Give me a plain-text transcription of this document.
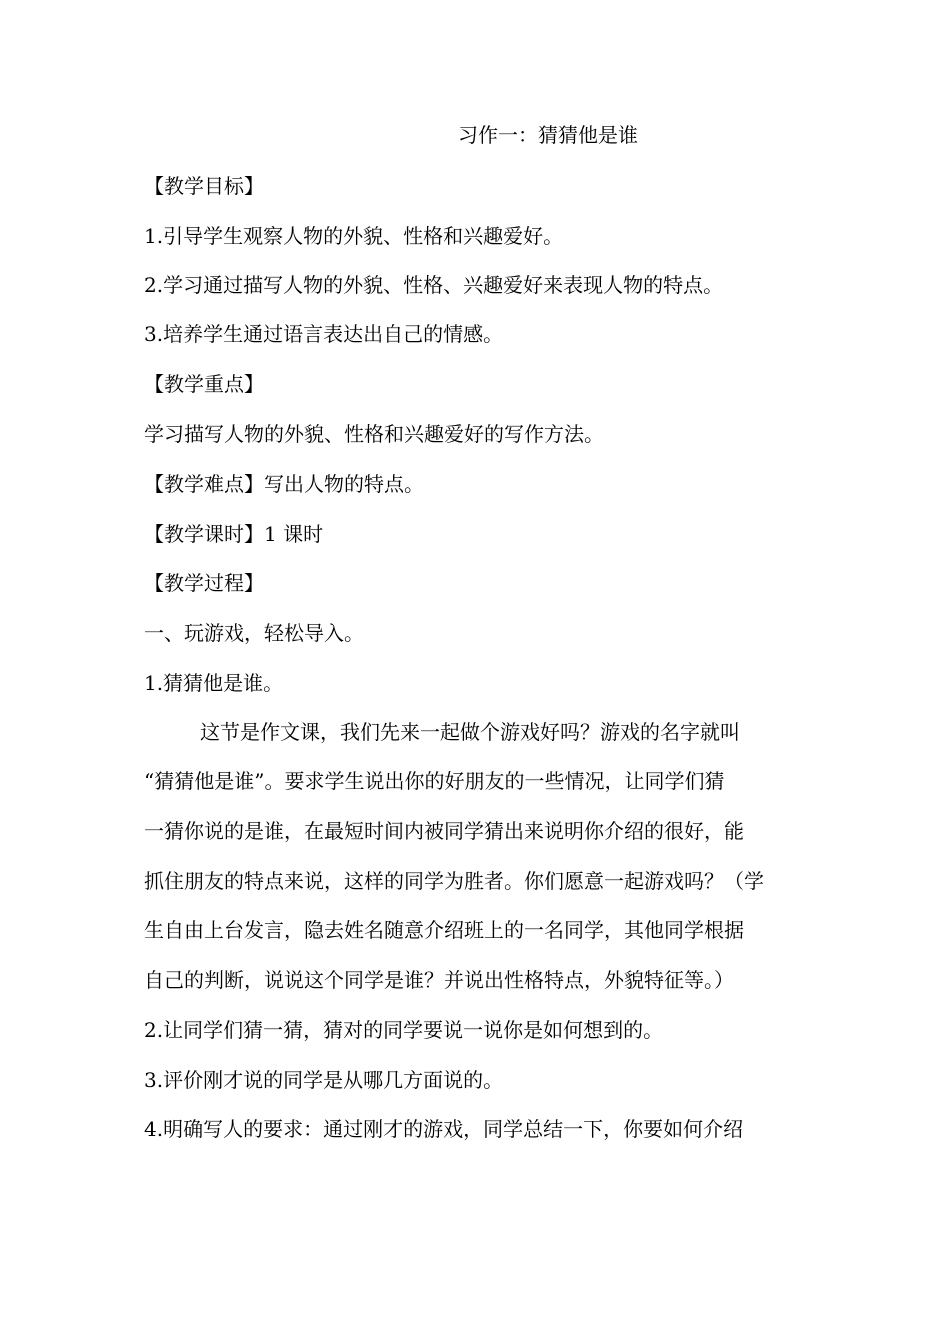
习作一：猜猜他是谁
【教学目标】
1.引导学生观察人物的外貌、性格和兴趣爱好。
2.学习通过描写人物的外貌、性格、兴趣爱好来表现人物的特点。
3.培养学生通过语言表达出自己的情感。
【教学重点】
学习描写人物的外貌、性格和兴趣爱好的写作方法。
【教学难点】写出人物的特点。
【教学课时】1 课时
【教学过程】
一、玩游戏，轻松导入。
1.猜猜他是谁。
这节是作文课，我们先来一起做个游戏好吗？游戏的名字就叫
“猜猜他是谁”。要求学生说出你的好朋友的一些情况，让同学们猜
一猜你说的是谁，在最短时间内被同学猜出来说明你介绍的很好，能
抓住朋友的特点来说，这样的同学为胜者。你们愿意一起游戏吗？（学
生自由上台发言，隐去姓名随意介绍班上的一名同学，其他同学根据
自己的判断，说说这个同学是谁？并说出性格特点，外貌特征等。）
2.让同学们猜一猜，猜对的同学要说一说你是如何想到的。
3.评价刚才说的同学是从哪几方面说的。
4.明确写人的要求：通过刚才的游戏，同学总结一下，你要如何介绍
